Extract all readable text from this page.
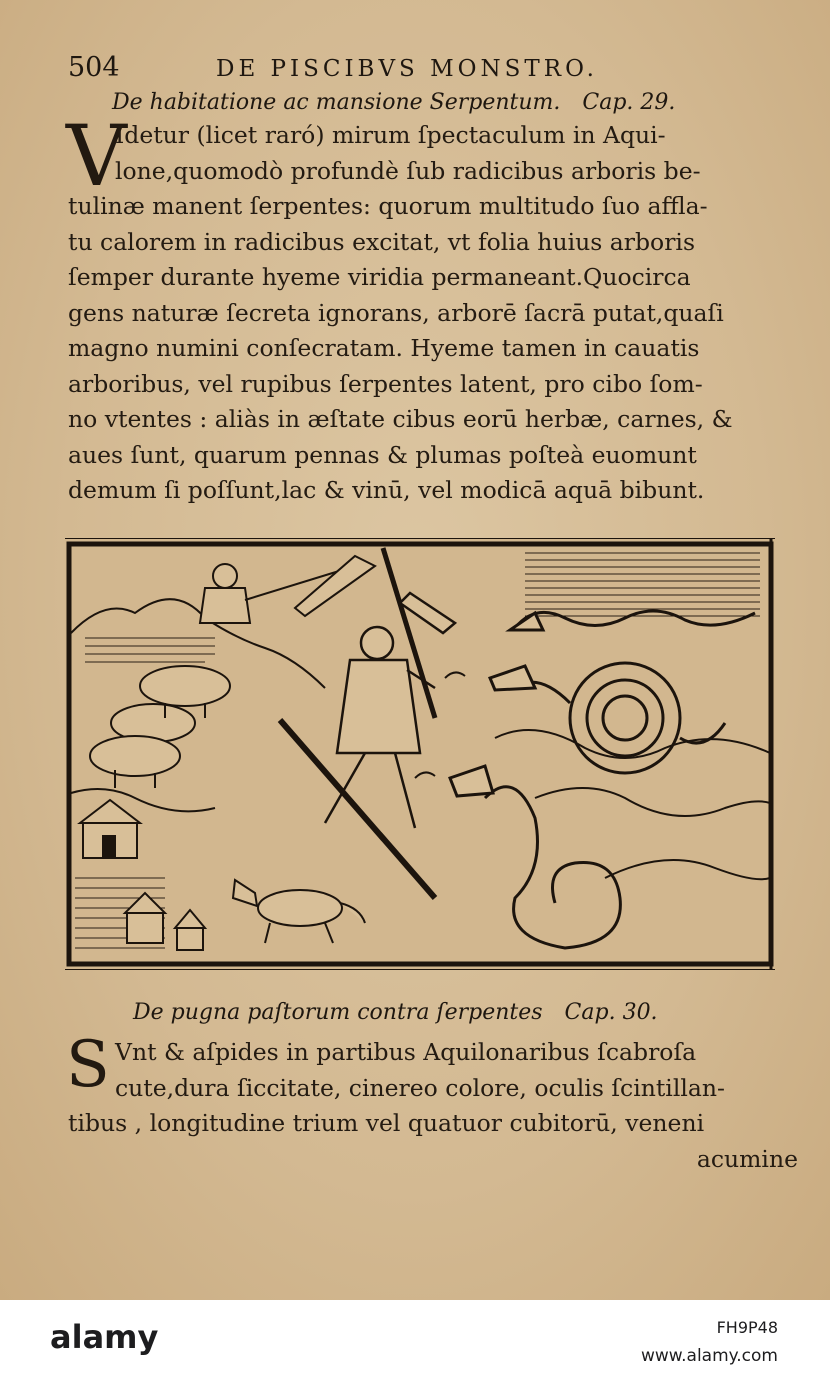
504	DE PISCIBVS MONSTRO.
De habitatione ac mansione Serpentum. Cap. 29.
V
Idetur (licet raró) mirum ſpectaculum in Aqui-
lone,quomodò profundè ſub radicibus arboris be-
tulinæ manent ſerpentes: quorum multitudo ſuo affla-
tu calorem in radicibus excitat, vt folia huius arboris
ſemper durante hyeme viridia permaneant.Quocirca
gens naturæ ſecreta ignorans, arborē ſacrā putat,quaſi
magno numini conſecratam. Hyeme tamen in cauatis
arboribus, vel rupibus ſerpentes latent, pro cibo ſom-
no vtentes : aliàs in æſtate cibus eorū herbæ, carnes, &
aues ſunt, quarum pennas & plumas poſteà euomunt
demum ſi poſſunt,lac & vinū, vel modicā aquā bibunt.
De pugna paſtorum contra ſerpentes Cap. 30.
S Vnt & aſpides in partibus Aquilonaribus ſcabroſa
cute,dura ſiccitate, cinereo colore, oculis ſcintillan-
tibus , longitudine trium vel quatuor cubitorū, veneni
acumine
alamy	FH9P48
www.alamy.com
